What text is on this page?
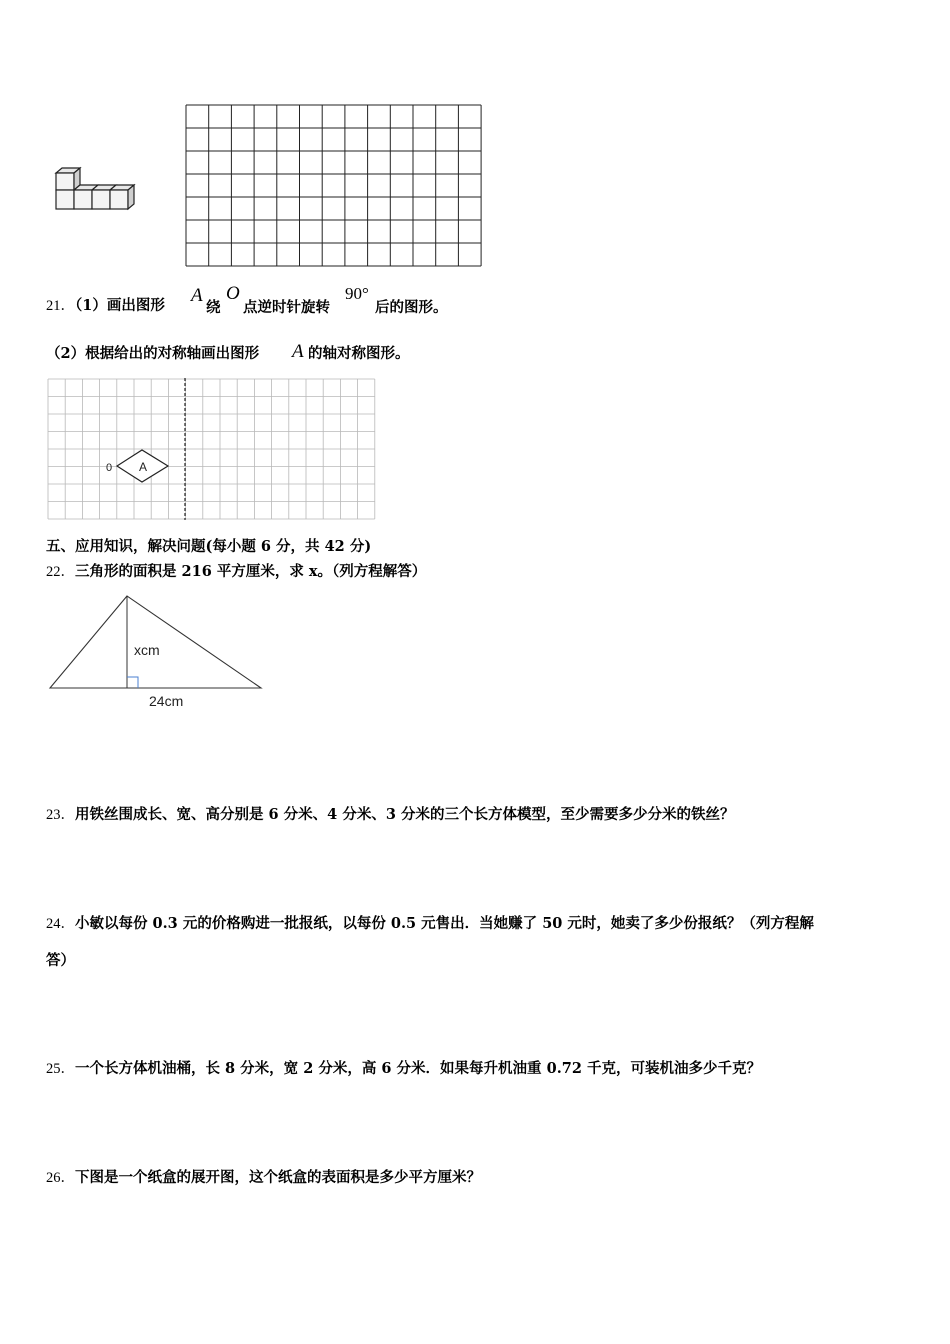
21．（1）画出图形 A
绕
O
点逆时针旋转
90°
后的图形。
（2）根据给出的对称轴画出图形 A 的轴对称图形。
A
0
五、应用知识，解决问题(每小题 6 分，共 42 分)
22．三角形的面积是 216 平方厘米，求 x。（列方程解答）
xcm
24cm
23．用铁丝围成长、宽、高分别是 6 分米、4 分米、3 分米的三个长方体模型，至少需要多少分米的铁丝？
24．小敏以每份 0.3 元的价格购进一批报纸，以每份 0.5 元售出．当她赚了 50 元时，她卖了多少份报纸？（列方程解
答）
25．一个长方体机油桶，长 8 分米，宽 2 分米，高 6 分米．如果每升机油重 0.72 千克，可装机油多少千克？
26．下图是一个纸盒的展开图，这个纸盒的表面积是多少平方厘米？
